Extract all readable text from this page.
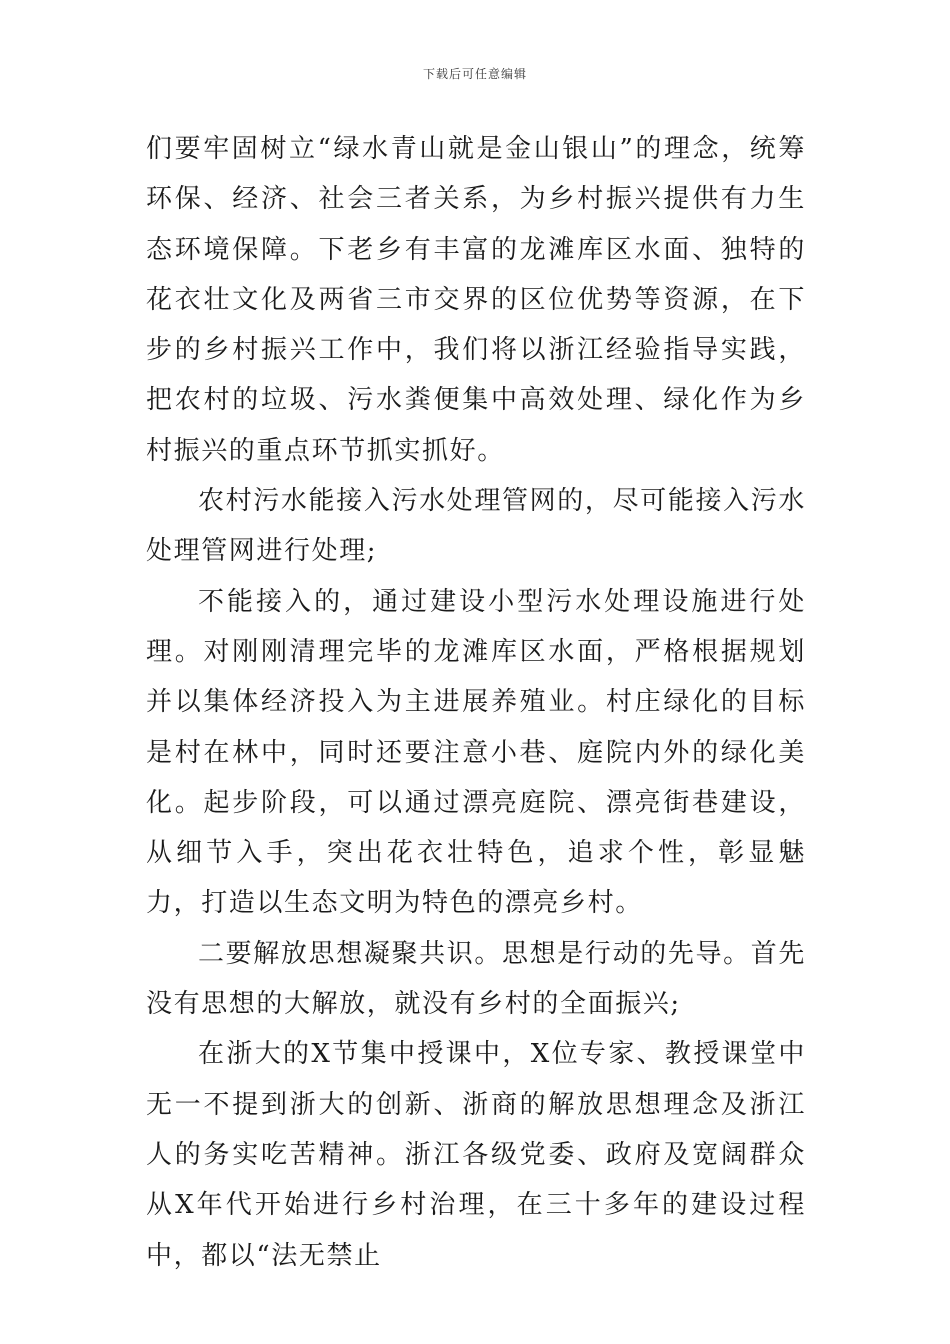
下载后可任意编辑

们要牢固树立“绿水青山就是金山银山”的理念，统筹环保、经济、社会三者关系，为乡村振兴提供有力生态环境保障。下老乡有丰富的龙滩库区水面、独特的花衣壮文化及两省三市交界的区位优势等资源，在下步的乡村振兴工作中，我们将以浙江经验指导实践，把农村的垃圾、污水粪便集中高效处理、绿化作为乡村振兴的重点环节抓实抓好。

农村污水能接入污水处理管网的，尽可能接入污水处理管网进行处理;

不能接入的，通过建设小型污水处理设施进行处理。对刚刚清理完毕的龙滩库区水面，严格根据规划并以集体经济投入为主进展养殖业。村庄绿化的目标是村在林中，同时还要注意小巷、庭院内外的绿化美化。起步阶段，可以通过漂亮庭院、漂亮街巷建设，从细节入手，突出花衣壮特色，追求个性，彰显魅力，打造以生态文明为特色的漂亮乡村。

二要解放思想凝聚共识。思想是行动的先导。首先没有思想的大解放，就没有乡村的全面振兴;

在浙大的X节集中授课中，X位专家、教授课堂中无一不提到浙大的创新、浙商的解放思想理念及浙江人的务实吃苦精神。浙江各级党委、政府及宽阔群众从X年代开始进行乡村治理，在三十多年的建设过程中，都以“法无禁止
